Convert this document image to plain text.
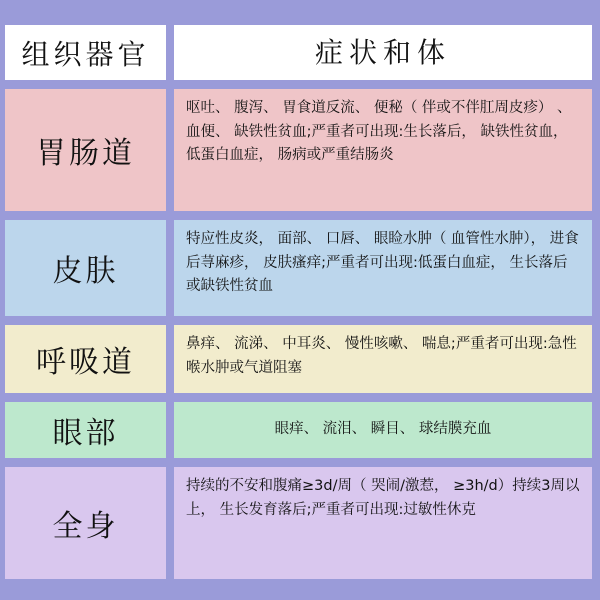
组织器官	症状和体
胃肠道
呕吐、 腹泻、 胃食道反流、 便秘（ 伴或不伴肛周皮疹） 、 血便、 缺铁性贫血;严重者可出现:生长落后， 缺铁性贫血， 低蛋白血症， 肠病或严重结肠炎
皮肤
特应性皮炎， 面部、 口唇、 眼睑水肿（ 血管性水肿）， 进食后荨麻疹， 皮肤瘙痒;严重者可出现:低蛋白血症， 生长落后或缺铁性贫血
呼吸道
鼻痒、 流涕、 中耳炎、 慢性咳嗽、 喘息;严重者可出现:急性喉水肿或气道阻塞
眼部	眼痒、 流泪、 瞬目、 球结膜充血
全身
持续的不安和腹痛≥3d/周（ 哭闹/激惹， ≥3h/d）持续3周以上， 生长发育落后;严重者可出现:过敏性休克
